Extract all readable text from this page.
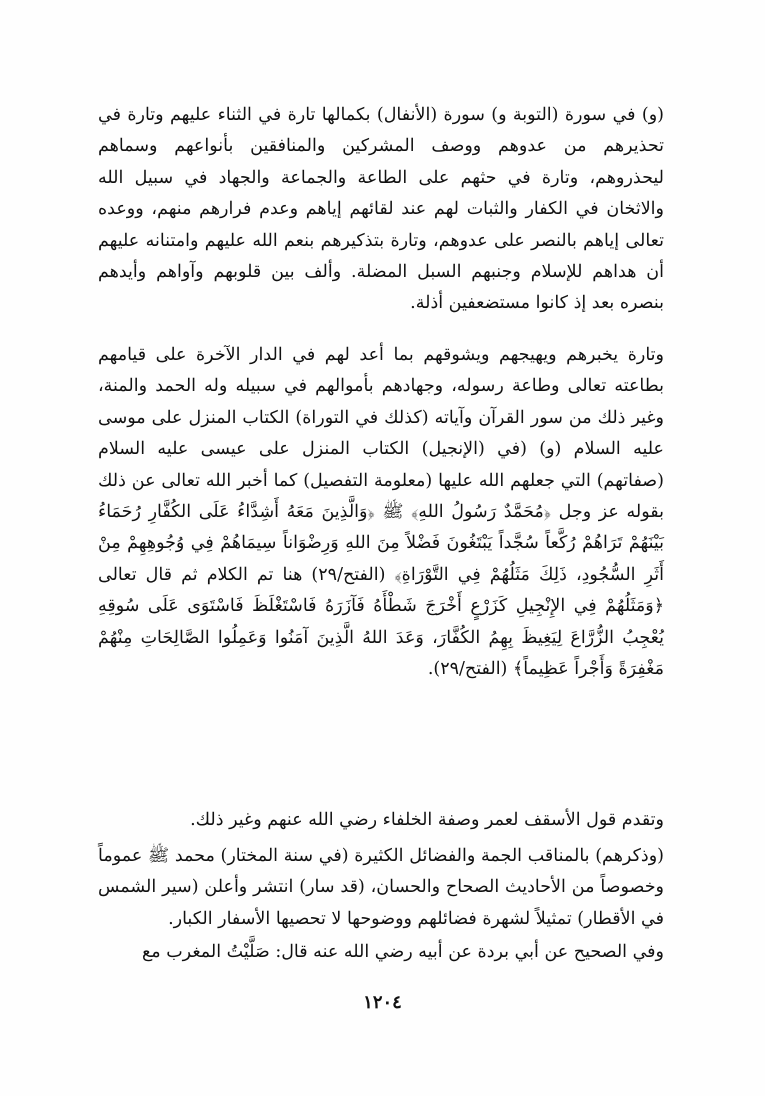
(و) في سورة (التوبة و) سورة (الأنفال) بكمالها تارة في الثناء عليهم وتارة في تحذيرهم من عدوهم ووصف المشركين والمنافقين بأنواعهم وسماهم ليحذروهم، وتارة في حثهم على الطاعة والجماعة والجهاد في سبيل الله والاثخان في الكفار والثبات لهم عند لقائهم إياهم وعدم فرارهم منهم، ووعده تعالى إياهم بالنصر على عدوهم، وتارة بتذكيرهم بنعم الله عليهم وامتنانه عليهم أن هداهم للإسلام وجنبهم السبل المضلة. وألف بين قلوبهم وآواهم وأيدهم بنصره بعد إذ كانوا مستضعفين أذلة.

وتارة يخبرهم ويهيجهم ويشوقهم بما أعد لهم في الدار الآخرة على قيامهم بطاعته تعالى وطاعة رسوله، وجهادهم بأموالهم في سبيله وله الحمد والمنة، وغير ذلك من سور القرآن وآياته (كذلك في التوراة) الكتاب المنزل على موسى عليه السلام (و) (في (الإنجيل) الكتاب المنزل على عيسى عليه السلام (صفاتهم) التي جعلهم الله عليها (معلومة التفصيل) كما أخبر الله تعالى عن ذلك بقوله عز وجل ﴿مُحَمَّدٌ رَسُولُ اللهِ﴾ ﷺ ﴿وَالَّذِينَ مَعَهُ أَشِدَّاءُ عَلَى الكُفَّارِ رُحَمَاءُ بَيْنَهُمْ تَرَاهُمْ رُكَّعاً سُجَّداً يَبْتَغُونَ فَضْلاً مِنَ اللهِ وَرِضْوَاناً سِيمَاهُمْ فِي وُجُوهِهِمْ مِنْ أَثَرِ السُّجُودِ، ذَلِكَ مَثَلُهُمْ فِي التَّوْرَاةِ﴾ (الفتح/٢٩) هنا تم الكلام ثم قال تعالى ﴿وَمَثَلُهُمْ فِي الإِنْجِيلِ كَزَرْعٍ أَخْرَجَ شَطْأَهُ فَآزَرَهُ فَاسْتَغْلَظَ فَاسْتَوَى عَلَى سُوقِهِ يُعْجِبُ الزُّرَّاعَ لِيَغِيظَ بِهِمُ الكُفَّارَ، وَعَدَ اللهُ الَّذِينَ آمَنُوا وَعَمِلُوا الصَّالِحَاتِ مِنْهُمْ مَغْفِرَةً وَأَجْراً عَظِيماً﴾ (الفتح/٢٩).

وتقدم قول الأسقف لعمر وصفة الخلفاء رضي الله عنهم وغير ذلك.

(وذكرهم) بالمناقب الجمة والفضائل الكثيرة (في سنة المختار) محمد ﷺ عموماً وخصوصاً من الأحاديث الصحاح والحسان، (قد سار) انتشر وأعلن (سير الشمس في الأقطار) تمثيلاً لشهرة فضائلهم ووضوحها لا تحصيها الأسفار الكبار.

وفي الصحيح عن أبي بردة عن أبيه رضي الله عنه قال: صَلَّيْتُ المغرب مع

١٢٠٤
